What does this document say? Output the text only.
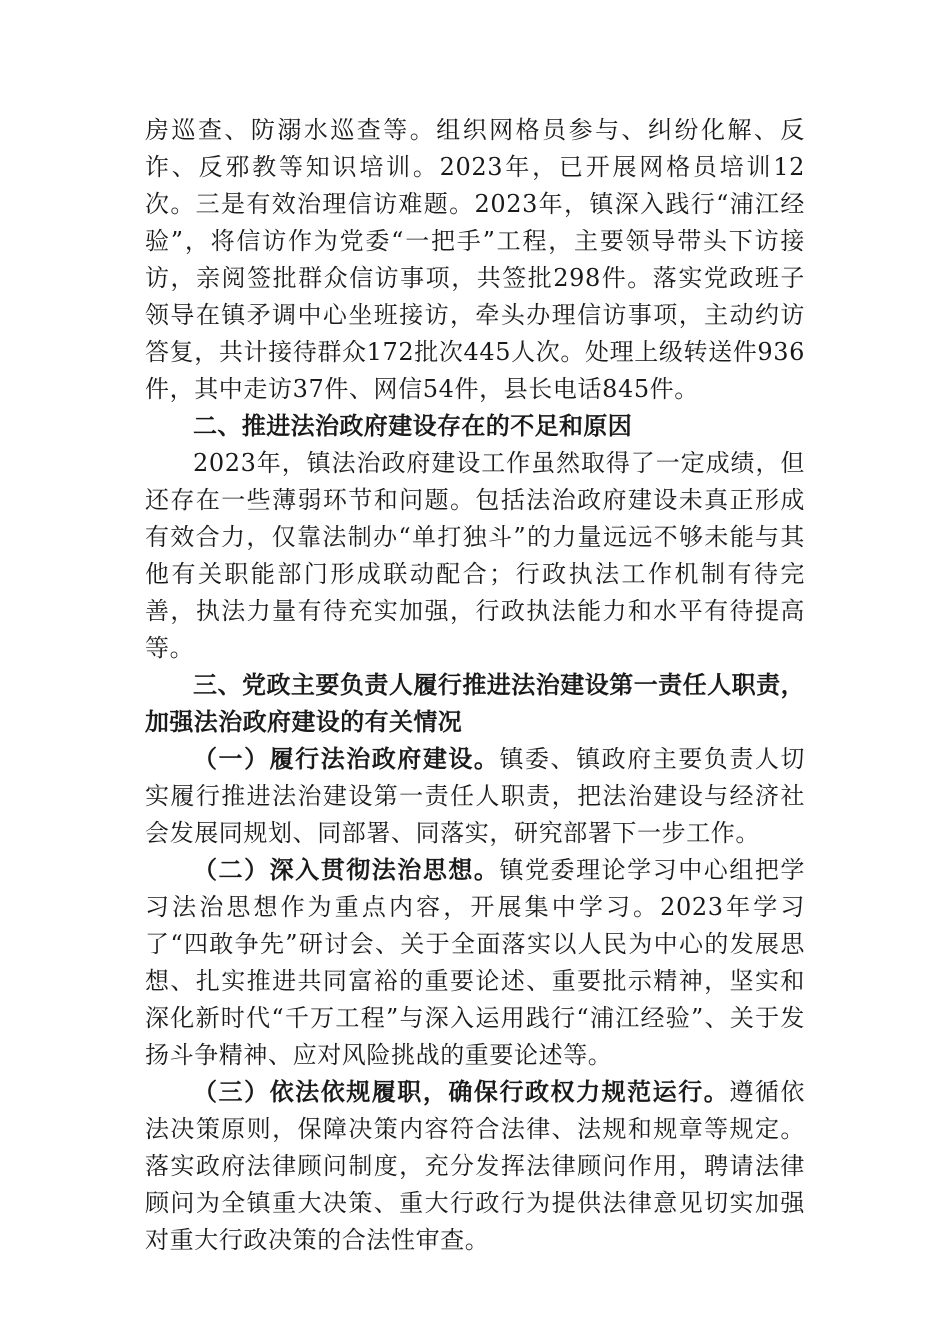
房巡查、防溺水巡查等。组织网格员参与、纠纷化解、反诈、反邪教等知识培训。2023年，已开展网格员培训12次。三是有效治理信访难题。2023年，镇深入践行“浦江经验”，将信访作为党委“一把手”工程，主要领导带头下访接访，亲阅签批群众信访事项，共签批298件。落实党政班子领导在镇矛调中心坐班接访，牵头办理信访事项，主动约访答复，共计接待群众172批次445人次。处理上级转送件936件，其中走访37件、网信54件，县长电话845件。

二、推进法治政府建设存在的不足和原因

2023年，镇法治政府建设工作虽然取得了一定成绩，但还存在一些薄弱环节和问题。包括法治政府建设未真正形成有效合力，仅靠法制办“单打独斗”的力量远远不够未能与其他有关职能部门形成联动配合；行政执法工作机制有待完善，执法力量有待充实加强，行政执法能力和水平有待提高等。

三、党政主要负责人履行推进法治建设第一责任人职责，加强法治政府建设的有关情况

（一）履行法治政府建设。镇委、镇政府主要负责人切实履行推进法治建设第一责任人职责，把法治建设与经济社会发展同规划、同部署、同落实，研究部署下一步工作。

（二）深入贯彻法治思想。镇党委理论学习中心组把学习法治思想作为重点内容，开展集中学习。2023年学习了“四敢争先”研讨会、关于全面落实以人民为中心的发展思想、扎实推进共同富裕的重要论述、重要批示精神，坚实和深化新时代“千万工程”与深入运用践行“浦江经验”、关于发扬斗争精神、应对风险挑战的重要论述等。

（三）依法依规履职，确保行政权力规范运行。遵循依法决策原则，保障决策内容符合法律、法规和规章等规定。落实政府法律顾问制度，充分发挥法律顾问作用，聘请法律顾问为全镇重大决策、重大行政行为提供法律意见切实加强对重大行政决策的合法性审查。
